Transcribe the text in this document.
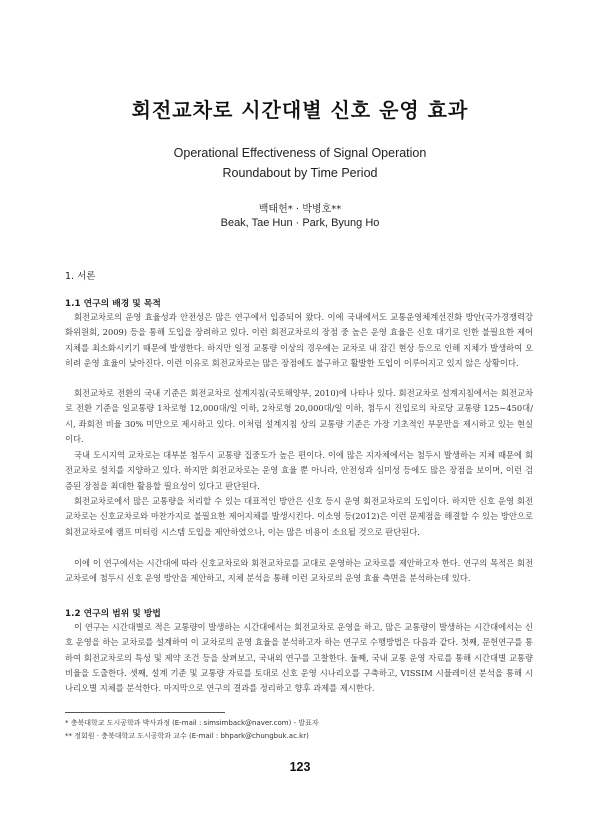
회전교차로 시간대별 신호 운영 효과
Operational Effectiveness of Signal Operation
Roundabout by Time Period
백태헌* · 박병호**
Beak, Tae Hun · Park, Byung Ho
1. 서론
1.1 연구의 배경 및 목적

회전교차로의 운영 효율성과 안전성은 많은 연구에서 입증되어 왔다. 이에 국내에서도 교통운영체계선진화 방안(국가경쟁력강화위원회, 2009) 등을 통해 도입을 장려하고 있다. 이런 회전교차로의 장점 중 높은 운영 효율은 신호 대기로 인한 불필요한 제어지체를 최소화시키기 때문에 발생한다. 하지만 일정 교통량 이상의 경우에는 교차로 내 잠긴 현상 등으로 인해 지체가 발생하여 오히려 운영 효율이 낮아진다. 이런 이유로 회전교차로는 많은 장점에도 불구하고 활발한 도입이 이루어지고 있지 않은 상황이다.

회전교차로 전환의 국내 기준은 회전교차로 설계지침(국토해양부, 2010)에 나타나 있다. 회전교차로 설계지침에서는 회전교차로 전환 기준을 일교통량 1차로형 12,000대/일 이하, 2차로형 20,000대/일 이하, 첨두시 진입로의 차로당 교통량 125∼450대/시, 좌회전 비율 30% 미만으로 제시하고 있다. 이처럼 설계지침 상의 교통량 기준은 가장 기초적인 부문만을 제시하고 있는 현실이다.

국내 도시지역 교차로는 대부분 첨두시 교통량 집중도가 높은 편이다. 이에 많은 지자체에서는 첨두시 발생하는 지체 때문에 회전교차로 설치를 지양하고 있다. 하지만 회전교차로는 운영 효율 뿐 아니라, 안전성과 심미성 등에도 많은 장점을 보이며, 이런 검증된 장점을 최대한 활용할 필요성이 있다고 판단된다.

회전교차로에서 많은 교통량을 처리할 수 있는 대표적인 방안은 신호 등시 운영 회전교차로의 도입이다. 하지만 신호 운영 회전교차로는 신호교차로와 마찬가지로 불필요한 제어지체를 발생시킨다. 이소영 등(2012)은 이런 문제점을 해결할 수 있는 방안으로 회전교차로에 램프 미터링 시스템 도입을 제안하였으나, 이는 많은 비용이 소요될 것으로 판단된다.

이에 이 연구에서는 시간대에 따라 신호교차로와 회전교차로를 교대로 운영하는 교차로를 제안하고자 한다. 연구의 목적은 회전교차로에 첨두시 신호 운영 방안을 제안하고, 지체 분석을 통해 이런 교차로의 운영 효율 측면을 분석하는데 있다.

1.2 연구의 범위 및 방법

이 연구는 시간대별로 적은 교통량이 발생하는 시간대에서는 회전교차로 운영을 하고, 많은 교통량이 발생하는 시간대에서는 신호 운영을 하는 교차로를 설계하여 이 교차로의 운영 효율을 분석하고자 하는 연구로 수행방법은 다음과 같다. 첫째, 문헌연구를 통하여 회전교차로의 특성 및 제약 조건 등을 살펴보고, 국내외 연구를 고찰한다. 둘째, 국내 교통 운영 자료를 통해 시간대별 교통량 비율을 도출한다. 셋째, 설계 기준 및 교통량 자료를 토대로 신호 운영 시나리오를 구축하고, VISSIM 시뮬레이션 분석을 통해 시나리오별 지체를 분석한다. 마지막으로 연구의 결과를 정리하고 향후 과제를 제시한다.

* 충북대학교 도시공학과 박사과정 (E-mail : simsimback@naver.com) - 발표자
** 정회원 · 충북대학교 도시공학과 교수 (E-mail : bhpark@chungbuk.ac.kr)
123
